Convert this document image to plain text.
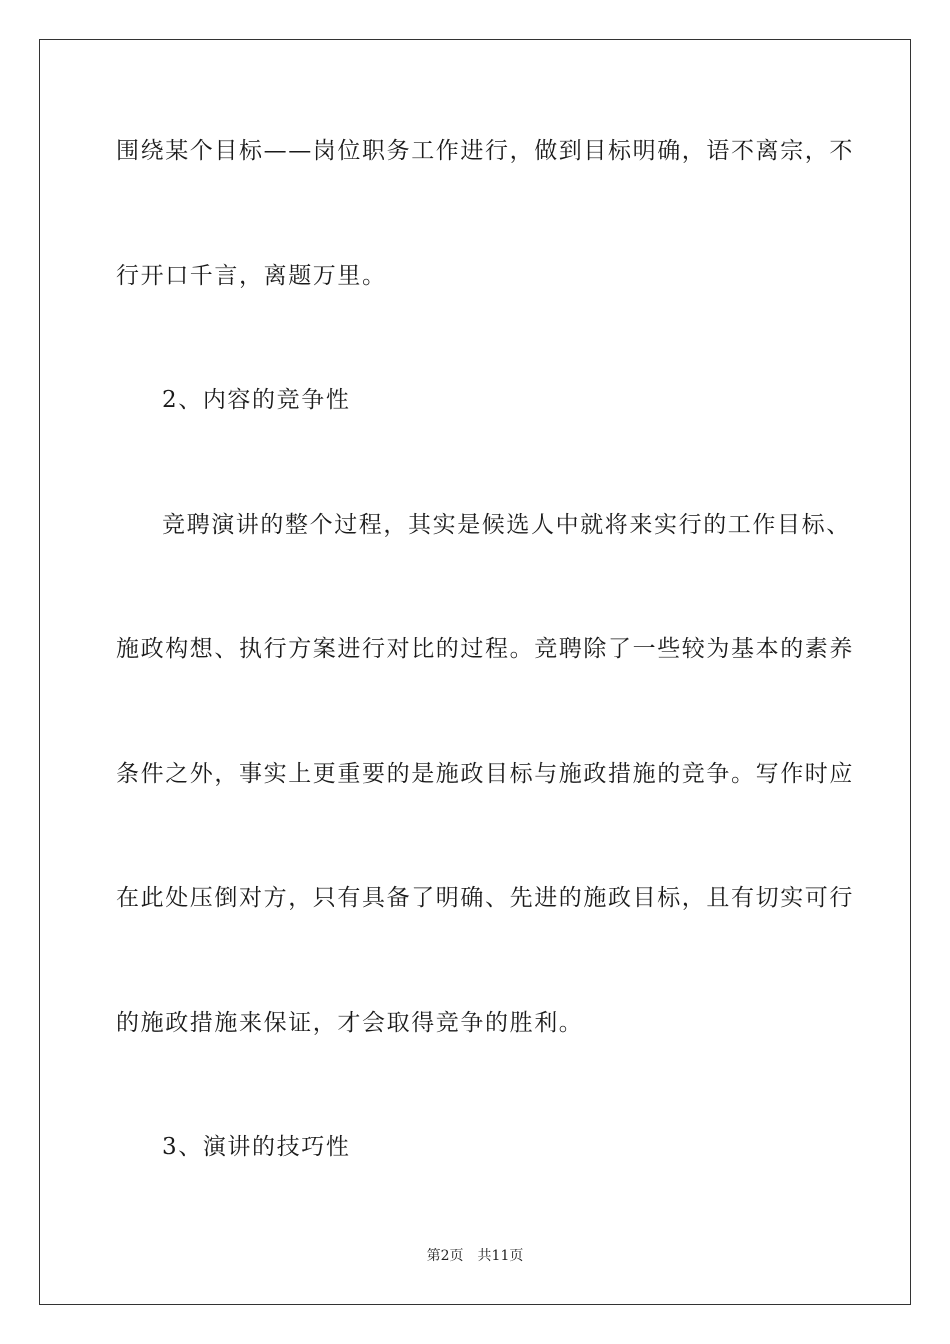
围绕某个目标——岗位职务工作进行，做到目标明确，语不离宗，不
行开口千言，离题万里。
2、内容的竞争性
竞聘演讲的整个过程，其实是候选人中就将来实行的工作目标、
施政构想、执行方案进行对比的过程。竞聘除了一些较为基本的素养
条件之外，事实上更重要的是施政目标与施政措施的竞争。写作时应
在此处压倒对方，只有具备了明确、先进的施政目标，且有切实可行
的施政措施来保证，才会取得竞争的胜利。
3、演讲的技巧性
第2页 共11页
